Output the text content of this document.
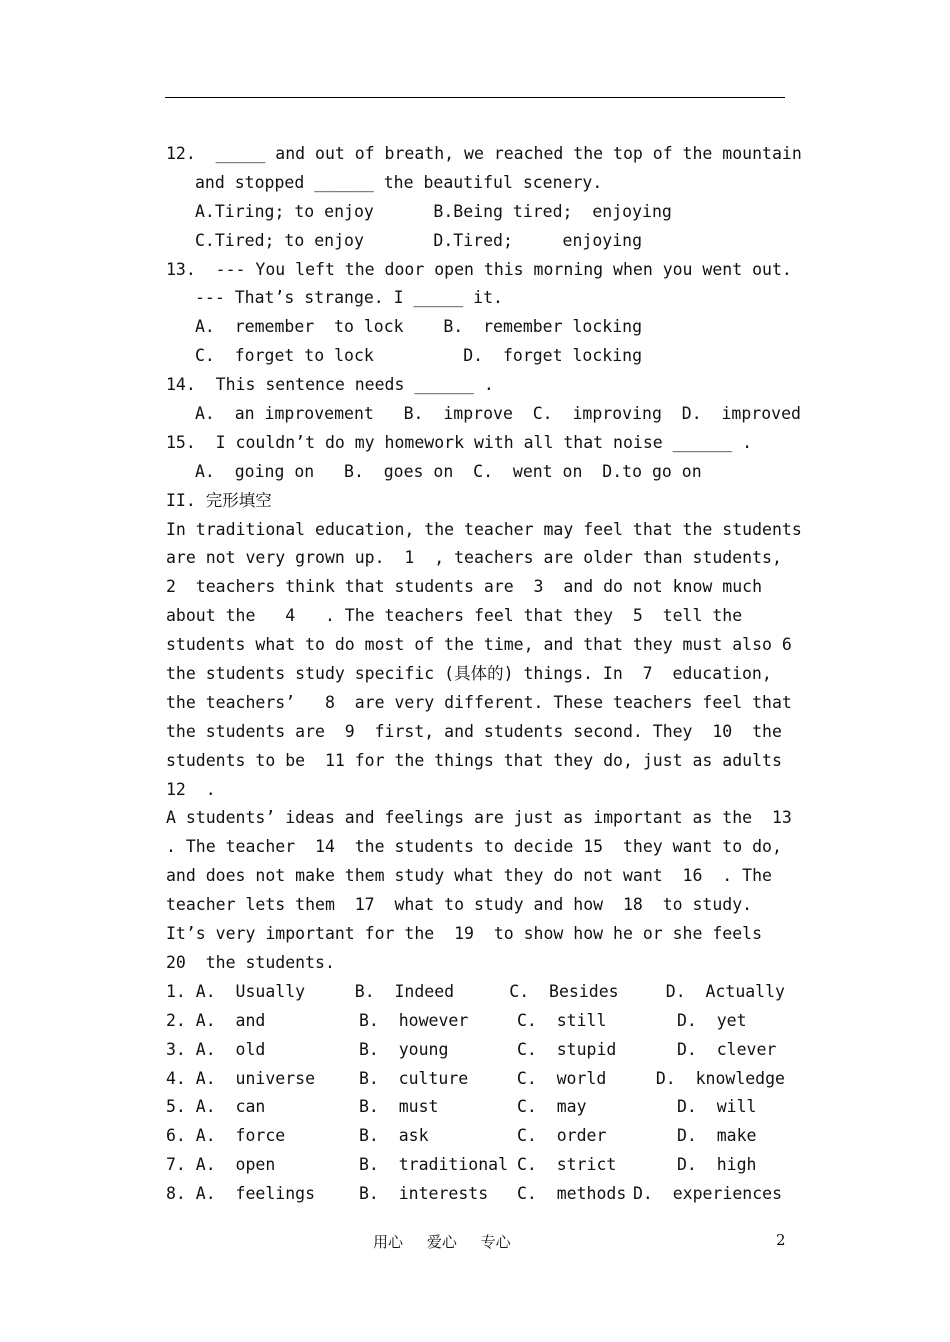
12.  _____ and out of breath, we reached the top of the mountain
and stopped ______ the beautiful scenery.
A.Tiring; to enjoy      B.Being tired;  enjoying
C.Tired; to enjoy       D.Tired;     enjoying
13.  --- You left the door open this morning when you went out.
--- That’s strange. I _____ it.
A.  remember  to lock    B.  remember locking
C.  forget to lock         D.  forget locking
14.  This sentence needs ______ .
A.  an improvement   B.  improve  C.  improving  D.  improved
15.  I couldn’t do my homework with all that noise ______ .
A.  going on   B.  goes on  C.  went on  D.to go on
II. 完形填空
In traditional education, the teacher may feel that the students
are not very grown up.  1  , teachers are older than students,
2  teachers think that students are  3  and do not know much
about the   4   . The teachers feel that they  5  tell the
students what to do most of the time, and that they must also 6
the students study specific (具体的) things. In  7  education,
the teachers’   8  are very different. These teachers feel that
the students are  9  first, and students second. They  10  the
students to be  11 for the things that they do, just as adults
12  .
A students’ ideas and feelings are just as important as the  13
. The teacher  14  the students to decide 15  they want to do,
and does not make them study what they do not want  16  . The
teacher lets them  17  what to study and how  18  to study.
It’s very important for the  19  to show how he or she feels
20  the students.
1. A.  Usually	B.  Indeed	C.  Besides	D.  Actually
2. A.  and	B.  however	C.  still	D.  yet
3. A.  old	B.  young	C.  stupid	D.  clever
4. A.  universe	B.  culture	C.  world	D.  knowledge
5. A.  can	B.  must	C.  may	D.  will
6. A.  force	B.  ask	C.  order	D.  make
7. A.  open	B.  traditional C.  strict	D.  high
8. A.  feelings	B.  interests	C.  methods D.  experiences
用心     爱心     专心	2
